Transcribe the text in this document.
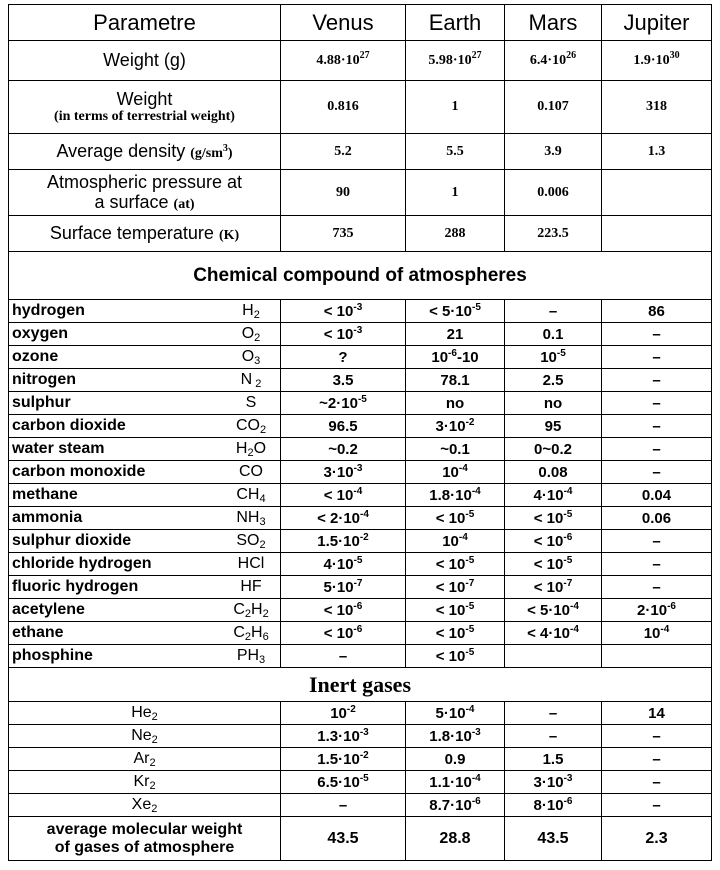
Parametre	Venus	Earth	Mars	Jupiter
Weight (g)	$4.88\cdot 10^{27}$	$5.98\cdot 10^{27}$	$6.4\cdot 10^{26}$	$1.9\cdot 10^{30}$

Weight
(in terms of terrestrial weight)	0.816	1	0.107	318
Average density $(g/sm^3)$	5.2	5.5	3.9	1.3

Atmospheric pressure at
a surface (at)	90	1	0.006	
Surface temperature (K)	735	288	223.5	
Chemical compound of atmospheres				

hydrogen $H_2$	< $10^{-3}$	< $5\cdot 10^{-5}$	–	86

oxygen $O_2$	< $10^{-3}$	21	0.1	–

ozone $O_3$	?	$10^{-6}-10$	$10^{-5}$	–

nitrogen N $_2$	3.5	78.1	2.5	–

sulphur S	$\sim 2\cdot 10^{-5}$	no	no	–

carbon dioxide $CO_2$	96.5	$3\cdot 10^{-2}$	95	–

water steam $H_2O$	~0.2	~0.1	0~0.2	–

carbon monoxide CO	$3\cdot 10^{-3}$	$10^{-4}$	0.08	–

methane $CH_4$	< $10^{-4}$	$1.8\cdot 10^{-4}$	$4\cdot 10^{-4}$	0.04

ammonia $NH_3$	< $2\cdot 10^{-4}$	< $10^{-5}$	< $10^{-5}$	0.06

sulphur dioxide $SO_2$	$1.5\cdot 10^{-2}$	$10^{-4}$	< $10^{-6}$	–

chloride hydrogen HCl	$4\cdot 10^{-5}$	< $10^{-5}$	< $10^{-5}$	–

fluoric hydrogen HF	$5\cdot 10^{-7}$	< $10^{-7}$	< $10^{-7}$	–

acetylene $C_2H_2$	< $10^{-6}$	< $10^{-5}$	< $5\cdot 10^{-4}$	$2\cdot 10^{-6}$

ethane $C_2H_6$	< $10^{-6}$	< $10^{-5}$	< $4\cdot 10^{-4}$	$10^{-4}$

phosphine $PH_3$	–	< $10^{-5}$		
Inert gases				
$He_2$	$10^{-2}$	$5\cdot 10^{-4}$	–	14
$Ne_2$	$1.3\cdot 10^{-3}$	$1.8\cdot 10^{-3}$	–	–
$Ar_2$	$1.5\cdot 10^{-2}$	0.9	1.5	–
$Kr_2$	$6.5\cdot 10^{-5}$	$1.1\cdot 10^{-4}$	$3\cdot 10^{-3}$	–
$Xe_2$	–	$8.7\cdot 10^{-6}$	$8\cdot 10^{-6}$	–

average molecular weight
of gases of atmosphere	43.5	28.8	43.5	2.3
